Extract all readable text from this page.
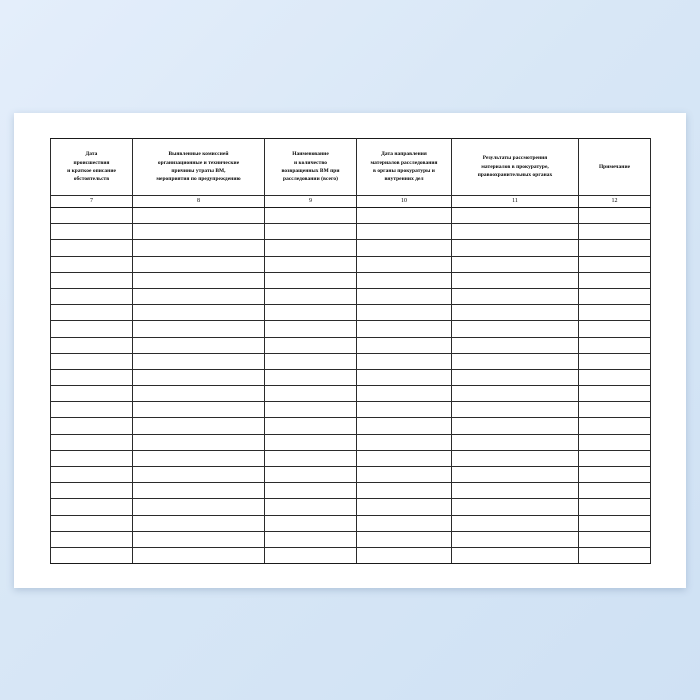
Дата
происшествия
и краткое описание
обстоятельств	Выявленные комиссией
организационные и технические
причины утраты ВМ,
мероприятия по предупреждению	Наименование
и количество
возвращенных ВМ при
расследовании (всего)	Дата направления
материалов расследования
в органы прокуратуры и
внутренних дел	Результаты рассмотрения
материалов в прокуратуре,
правоохранительных органах	Примечание

7	8	9	10	11	12
